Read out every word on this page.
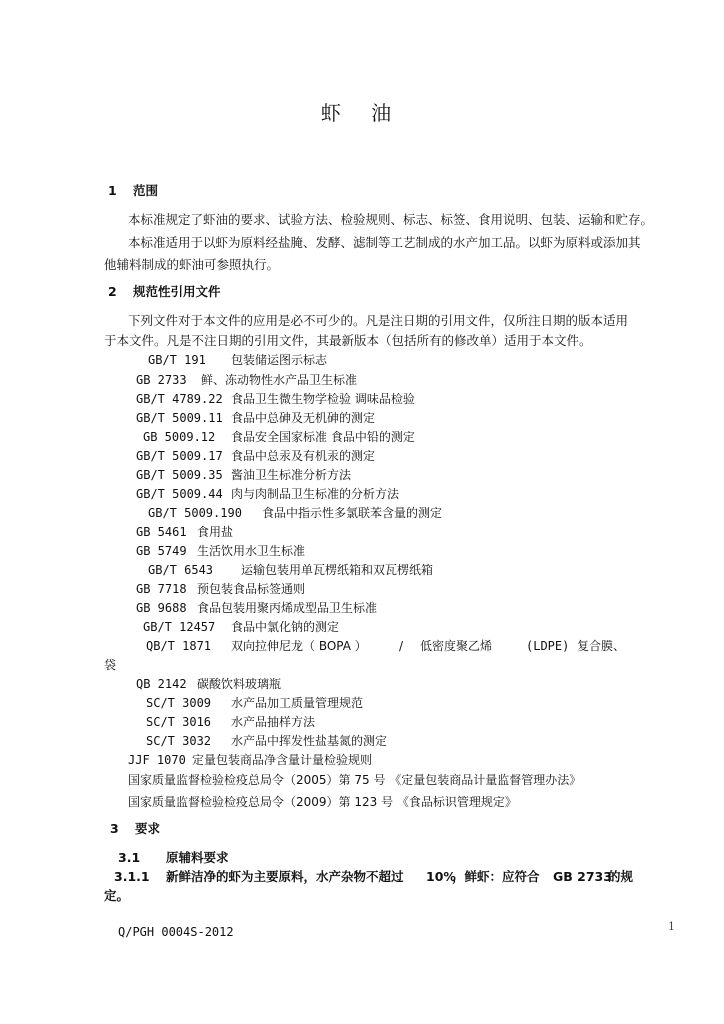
虾 油
1 范围
本标准规定了虾油的要求、试验方法、检验规则、标志、标签、食用说明、包装、运输和贮存。
本标准适用于以虾为原料经盐腌、发酵、滤制等工艺制成的水产加工品。以虾为原料或添加其
他辅料制成的虾油可参照执行。
2 规范性引用文件
下列文件对于本文件的应用是必不可少的。凡是注日期的引用文件，仅所注日期的版本适用
于本文件。凡是不注日期的引用文件，其最新版本（包括所有的修改单）适用于本文件。
GB/T 191 包装储运图示标志
GB 2733 鲜、冻动物性水产品卫生标准
GB/T 4789.22 食品卫生微生物学检验 调味品检验
GB/T 5009.11 食品中总砷及无机砷的测定
GB 5009.12 食品安全国家标准 食品中铅的测定
GB/T 5009.17 食品中总汞及有机汞的测定
GB/T 5009.35 酱油卫生标准分析方法
GB/T 5009.44 肉与肉制品卫生标准的分析方法
GB/T 5009.190 食品中指示性多氯联苯含量的测定
GB 5461 食用盐
GB 5749 生活饮用水卫生标准
GB/T 6543 运输包装用单瓦楞纸箱和双瓦楞纸箱
GB 7718 预包装食品标签通则
GB 9688 食品包装用聚丙烯成型品卫生标准
GB/T 12457 食品中氯化钠的测定
QB/T 1871 双向拉伸尼龙（ BOPA ）	/ 低密度聚乙烯	(LDPE) 复合膜、
袋
QB 2142 碳酸饮料玻璃瓶
SC/T 3009 水产品加工质量管理规范
SC/T 3016 水产品抽样方法
SC/T 3032 水产品中挥发性盐基氮的测定
JJF 1070 定量包装商品净含量计量检验规则
国家质量监督检验检疫总局令（2005）第 75 号 《定量包装商品计量监督管理办法》
国家质量监督检验检疫总局令（2009）第 123 号 《食品标识管理规定》
3 要求
3.1 原辅料要求
3.1.1 新鲜洁净的虾为主要原料，水产杂物不超过 10%
，鲜虾：应符合 GB 2733
的规
定。
Q/PGH 0004S-2012	1
